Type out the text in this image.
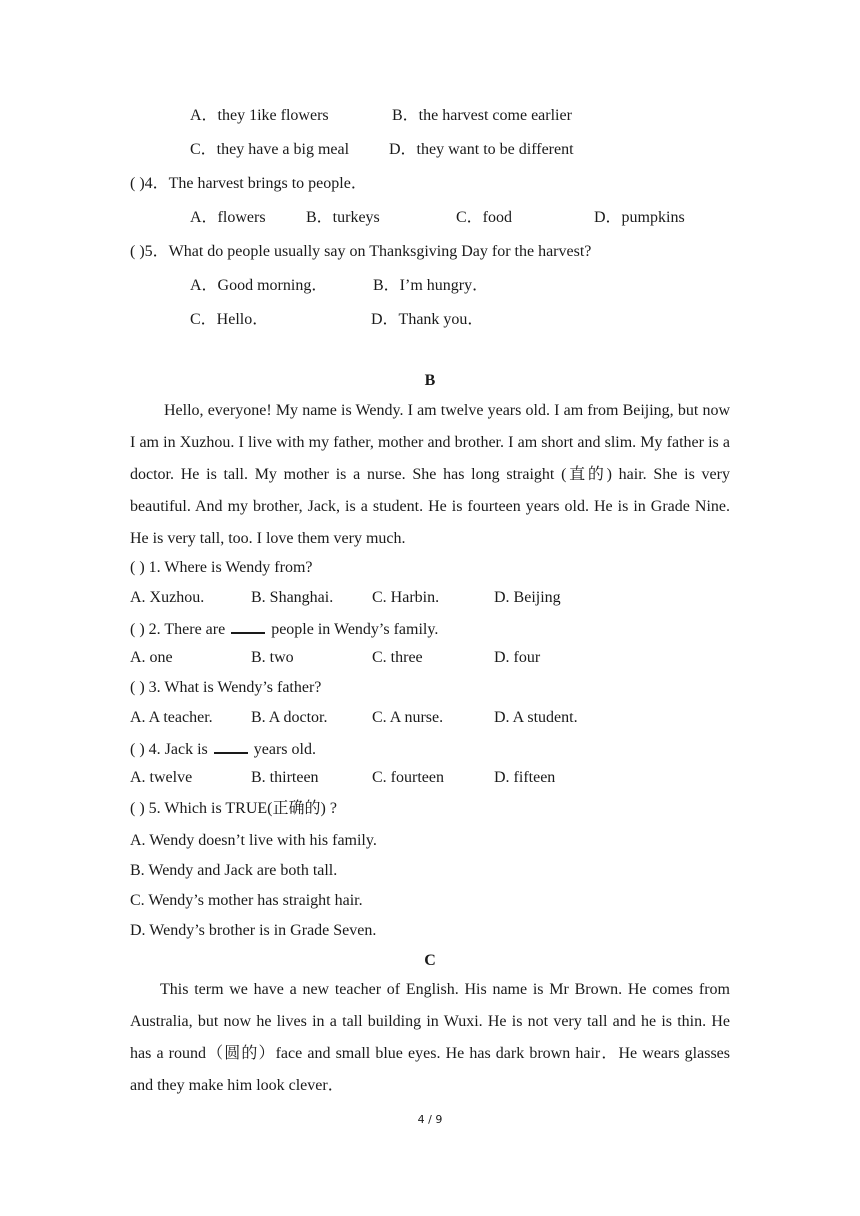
A．they 1ike flowers	B．the harvest come earlier
C．they have a big meal D．they want to be different
( )4．The harvest brings to people．
A．flowers	B．turkeys	C．food	D．pumpkins
( )5．What do people usually say on Thanksgiving Day for the harvest?
A．Good morning．	B．I’m hungry．
C．Hello．	D．Thank you．
B
Hello, everyone! My name is Wendy. I am twelve years old. I am from Beijing, but now I am in Xuzhou. I live with my father, mother and brother. I am short and slim. My father is a doctor. He is tall. My mother is a nurse. She has long straight (直的) hair. She is very beautiful. And my brother, Jack, is a student. He is fourteen years old. He is in Grade Nine. He is very tall, too. I love them very much.
( ) 1. Where is Wendy from?
A. Xuzhou.	B. Shanghai. C. Harbin.	D. Beijing
( ) 2. There are	people in Wendy’s family.
A. one	B. two	C. three	D. four
( ) 3. What is Wendy’s father?
A. A teacher. B. A doctor.	C. A nurse.	D. A student.
( ) 4. Jack is	years old.
A. twelve	B. thirteen	C. fourteen	D. fifteen
( ) 5. Which is TRUE(正确的) ?
A. Wendy doesn’t live with his family.
B. Wendy and Jack are both tall.
C. Wendy’s mother has straight hair.
D. Wendy’s brother is in Grade Seven.
C
This term we have a new teacher of English. His name is Mr Brown. He comes from Australia, but now he lives in a tall building in Wuxi. He is not very tall and he is thin. He has a round（圆的）face and small blue eyes. He has dark brown hair．He wears glasses and they make him look clever．
4 / 9
